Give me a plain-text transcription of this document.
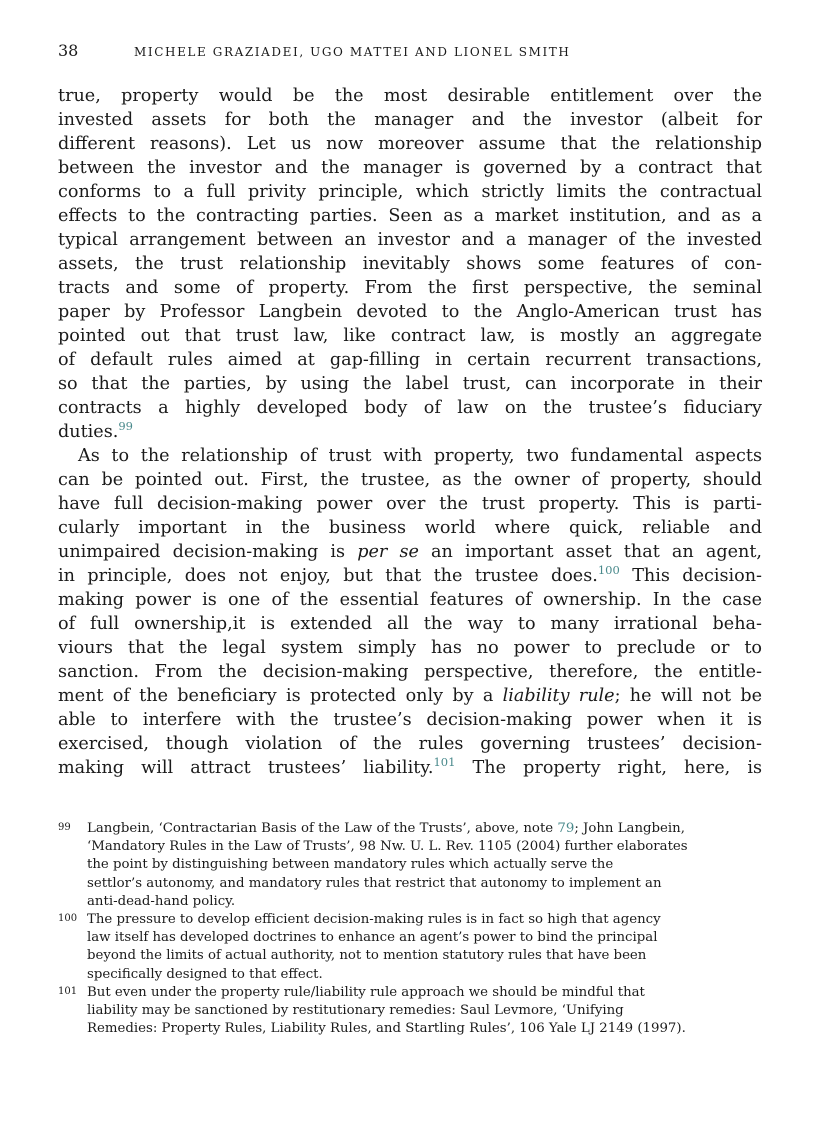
38	MICHELE GRAZIADEI, UGO MATTEI AND LIONEL SMITH
true, property would be the most desirable entitlement over the
invested assets for both the manager and the investor (albeit for
different reasons). Let us now moreover assume that the relationship
between the investor and the manager is governed by a contract that
conforms to a full privity principle, which strictly limits the contractual
effects to the contracting parties. Seen as a market institution, and as a
typical arrangement between an investor and a manager of the invested
assets, the trust relationship inevitably shows some features of con-
tracts and some of property. From the first perspective, the seminal
paper by Professor Langbein devoted to the Anglo-American trust has
pointed out that trust law, like contract law, is mostly an aggregate
of default rules aimed at gap-filling in certain recurrent transactions,
so that the parties, by using the label trust, can incorporate in their
contracts a highly developed body of law on the trustee’s fiduciary
duties.$^{99}$
As to the relationship of trust with property, two fundamental aspects
can be pointed out. First, the trustee, as the owner of property, should
have full decision-making power over the trust property. This is parti-
cularly important in the business world where quick, reliable and
unimpaired decision-making is per se an important asset that an agent,
in principle, does not enjoy, but that the trustee does.$^{100}$ This decision-
making power is one of the essential features of ownership. In the case
of full ownership,it is extended all the way to many irrational beha-
viours that the legal system simply has no power to preclude or to
sanction. From the decision-making perspective, therefore, the entitle-
ment of the beneficiary is protected only by a liability rule; he will not be
able to interfere with the trustee’s decision-making power when it is
exercised, though violation of the rules governing trustees’ decision-
making will attract trustees’ liability.$^{101}$ The property right, here, is
99	Langbein, ‘Contractarian Basis of the Law of the Trusts’, above, note 79; John Langbein,
‘Mandatory Rules in the Law of Trusts’, 98 Nw. U. L. Rev. 1105 (2004) further elaborates
the point by distinguishing between mandatory rules which actually serve the
settlor’s autonomy, and mandatory rules that restrict that autonomy to implement an
anti-dead-hand policy.
100 The pressure to develop efficient decision-making rules is in fact so high that agency
law itself has developed doctrines to enhance an agent’s power to bind the principal
beyond the limits of actual authority, not to mention statutory rules that have been
specifically designed to that effect.
101 But even under the property rule/liability rule approach we should be mindful that
liability may be sanctioned by restitutionary remedies: Saul Levmore, ‘Unifying
Remedies: Property Rules, Liability Rules, and Startling Rules’, 106 Yale LJ 2149 (1997).
